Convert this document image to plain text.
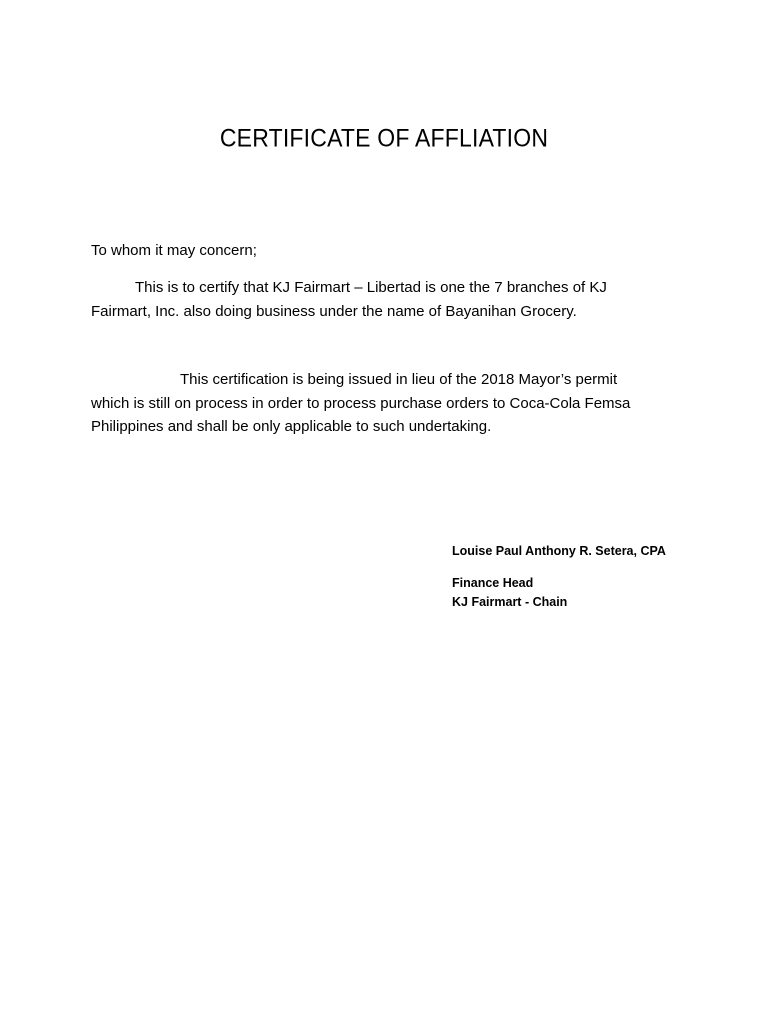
CERTIFICATE OF AFFLIATION

To whom it may concern;

This is to certify that KJ Fairmart – Libertad is one the 7 branches of KJ Fairmart, Inc. also doing business under the name of Bayanihan Grocery.

This certification is being issued in lieu of the 2018 Mayor’s permit which is still on process in order to process purchase orders to Coca-Cola Femsa Philippines and shall be only applicable to such undertaking.

Louise Paul Anthony R. Setera, CPA

Finance Head

KJ Fairmart - Chain
